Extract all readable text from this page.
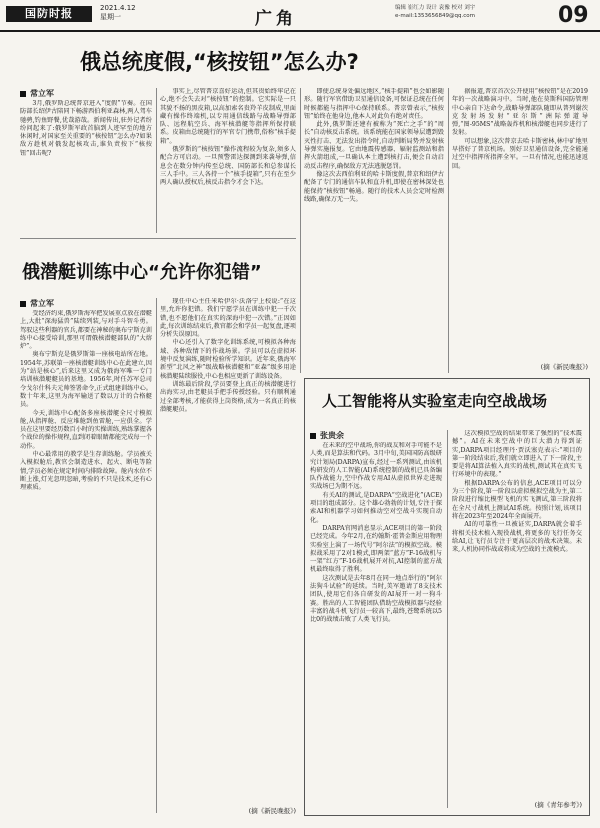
国防时报	2021.4.12
星期一	广角
编辑 崔红力 设计 袁豫 校对 刘宇
e-mail:1353656849@qq.com	09
俄总统度假,“核按钮”怎么办?
常立军

3月,俄罗斯总统普京进入“度假”节奏。在国防部长绍伊古陪同下畅游西伯利亚森林,两人驾车驰骋,钓鱼野餐,优哉游哉。新闻传出,驻外记者纷纷问起来了:俄罗斯军政首脑到人迹罕至的地方休闲时,对国家至关重要的“核按钮”怎么办?如果敌方趁机对俄发起核攻击,谁负责按下“核按钮”回击呢?

事实上,尽管普京喜好运动,但其贵始终牢记在心,绝不会失去对“核按钮”的控制。它实际是一只其貌不扬的黑皮箱,以高加索名贵羚羊皮制成,里面藏有操作终端机,以专用通信线路与战略导弹部队、远程航空兵、海军核潜艇等指挥所保持联系。皮箱由总统随行的军官专门携带,俗称“核手提箱”。

俄罗斯的“核按钮”操作流程较为复杂,须多人配合方可启动。一旦预警雷达探测到来袭导弹,信息会在数分钟内传至总统、国防部长和总参谋长三人手中。三人各持一个“核手提箱”,只有在至少两人确认授权后,核反击指令才会下达。

即使总统身处偏远地区,“核手提箱”也会如影随形。随行军官借助卫星通信设备,可保证总统在任何时候都能与指挥中心保持联系。普京曾表示,“核按钮”始终在他身边,他本人对此负有绝对责任。

此外,俄罗斯还建有被称为“死亡之手”的“周长”自动核反击系统。该系统能在国家领导层遭到毁灭性打击、无法发出指令时,自动判断局势并发射核导弹实施报复。它由地震传感器、辐射监测站和指挥火箭组成,一旦确认本土遭到核打击,便会自动启动反击程序,确保敌方无法逃脱惩罚。

像这次去西伯利亚的哈卡斯度假,普京和绍伊古配备了专门的通信车队和直升机,即使在密林深处也能保持“核按钮”畅通。随行的技术人员会定时检测线路,确保万无一失。

据报道,普京首次公开使用“核按钮”是在2019年的一次战略演习中。当时,他在莫斯科国防管理中心亲自下达命令,战略导弹部队随即从普列谢茨克发射场发射“亚尔斯”洲际弹道导弹,“图-95MS”战略轰炸机和核潜艇也同步进行了发射。

可以想象,这次普京去哈卡斯密林,林中矿地里早搭好了普京机场。别好卫星通信设备,完全能通过空中指挥所指挥全军。一旦有情况,也能迅速返回。

(摘《新民晚报》)
俄潜艇训练中心“允许你犯错”
常立军

受经济约束,俄罗斯海军把发展重点放在潜艇上,大批“深海猛兽”陆续列装,与对手斗智斗勇。驾驭这些利器的官兵,都要在神秘的奥布宁斯克训练中心接受培训,那里可谓俄核潜艇部队的“大熔炉”。

奥布宁斯克是俄罗斯第一座核电站所在地。1954年,苏联第一座核潜艇训练中心在此建立,因为“站是核心”,后来这里又成为俄海军唯一专门培训核潜艇艇员的基地。1956年,时任苏军总司令戈尔什科夫元帅签署命令,正式组建训练中心。数十年来,这里为海军输送了数以万计的合格艇员。

今天,训练中心配备多座核潜艇全尺寸模拟舱,从指挥舱、反应堆舱到鱼雷舱,一应俱全。学员在这里要经历数百小时的实操训练,熟练掌握各个战位的操作规程,直到闭着眼睛都能完成每一个动作。

中心最常用的教学是生存训练舱。学员被关入模拟舱后,教官会制造进水、起火、断电等险情,学员必须在规定时间内排除故障。舱内水位不断上涨,灯光忽明忽暗,考验的不只是技术,还有心理素质。

现任中心主任米哈伊尔·沃洛宁上校说:“在这里,允许你犯错。我们宁愿学员在训练中犯一千次错,也不愿他们在真实的深海中犯一次错。”正因如此,每次训练结束后,教官都会和学员一起复盘,逐项分析失误原因。

中心还引入了数字化训练系统,可模拟各种海域、各种敌情下的作战场景。学员可以在虚拟环境中反复演练,随时检验所学知识。近年来,俄海军新型“北风之神”级战略核潜艇和“亚森”级多用途核潜艇陆续服役,中心也相应更新了训练设备。

训练最后阶段,学员要登上真正的核潜艇进行出海实习,由老艇员手把手传授经验。只有顺利通过全部考核,才能获得上岗资格,成为一名真正的核潜艇艇员。

(摘《新民晚报》)
人工智能将从实验室走向空战战场
张贵余

在未来的空中战场,你的战友和对手可能不是人类,而是算法和代码。3月中旬,美国国防高级研究计划局(DARPA)宣布,经过一系列测试,由该机构研发的人工智能(AI)系统控制的战机已具备编队作战能力,空中作战专用AI从虚拟世界走进现实战场已为期不远。

有关AI的测试,是DARPA“空战进化”(ACE)项目的组成部分。这个雄心勃勃的计划,专注于探索AI和机器学习如何推动空对空战斗实现自动化。

DARPA官网消息显示,ACE项目的第一阶段已经完成。今年2月,在约翰斯·霍普金斯应用物理实验室上演了一场代号“阿尔法”的模拟空战。模拟战采用了2对1模式,即两架“蓝方”F-16战机与一架“红方”F-16战机展开对抗,AI控制的蓝方战机最终取得了胜利。

这次测试是去年8月在同一地点举行的“阿尔法狗斗试验”的延续。当时,美军邀请了8支技术团队,使用它们各自研发的AI展开一对一狗斗赛。胜出的人工智能团队借助空战模拟器与经验丰富的战斗机飞行员一较高下,最终,苍鹭系统以5比0的战绩击败了人类飞行员。

这次模拟空战的结果带来了强烈的“技术震撼”。AI在未来空战中的巨大潜力得到证实,DARPA项目经理丹·贾沃塞克表示:“项目的第一阶段结束后,我们就立即进入了下一阶段,主要是将AI算法植入真实的战机,测试其在真实飞行环境中的表现。”

根据DARPA公布的信息,ACE项目可以分为三个阶段,第一阶段以虚拟模拟空战为主,第二阶段进行缩比模型飞机的实飞测试,第三阶段将在全尺寸战机上测试AI系统。按照计划,该项目将在2023年至2024年全面展开。

AI的可靠性一旦被证实,DARPA就会着手将相关技术植入现役战机,将更多的飞行任务交给AI,让飞行员专注于更高层次的战术决策。未来,人机协同作战或将成为空战的主流模式。

(摘《青年参考》)
